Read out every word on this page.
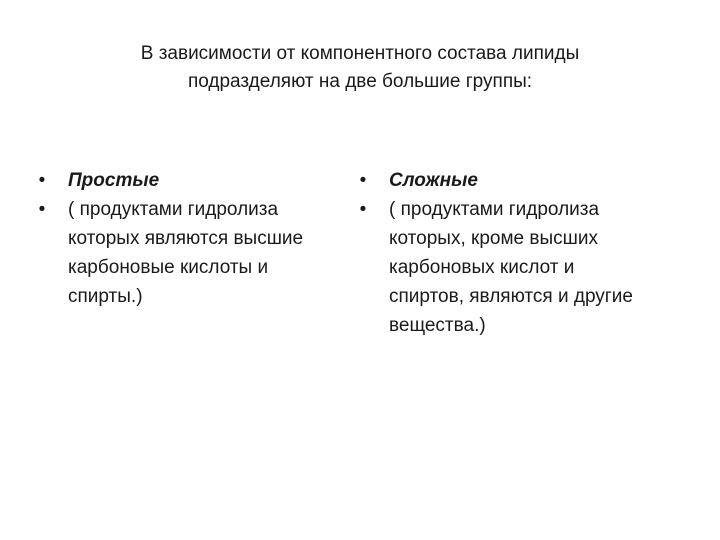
В зависимости от компонентного состава липиды
подразделяют на две большие группы:

•	Простые

•	( продуктами гидролиза
которых являются высшие
карбоновые кислоты и
спирты.)

•	Сложные

•	( продуктами гидролиза
которых, кроме высших
карбоновых кислот и
спиртов, являются и другие
вещества.)
